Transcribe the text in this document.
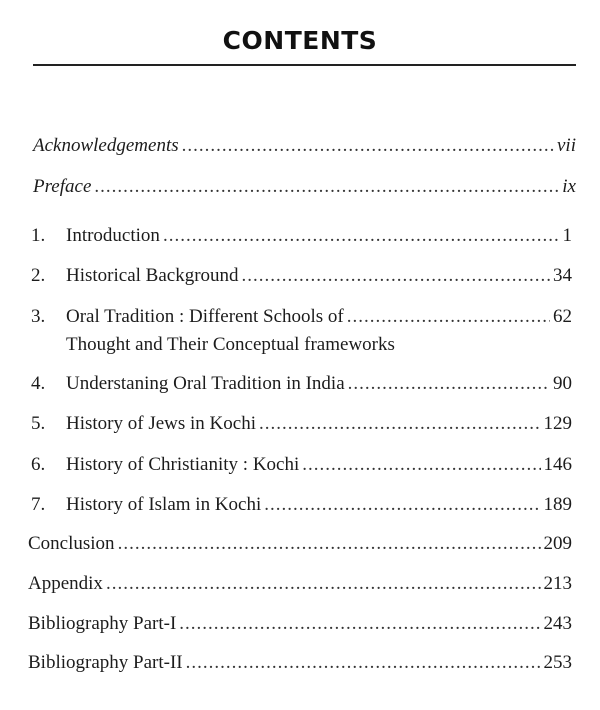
CONTENTS
Acknowledgements .....	vii
Preface .....	ix
1.	Introduction .....	1
2.	Historical Background .....	34
3.	Oral Tradition : Different Schools of .....	62
Thought and Their Conceptual frameworks
4.	Understaning Oral Tradition in India .....	90
5.	History of Jews in Kochi .....	129
6.	History of Christianity : Kochi .....	146
7.	History of Islam in Kochi .....	189
Conclusion .....	209
Appendix .....	213
Bibliography Part-I .....	243
Bibliography Part-II .....	253
